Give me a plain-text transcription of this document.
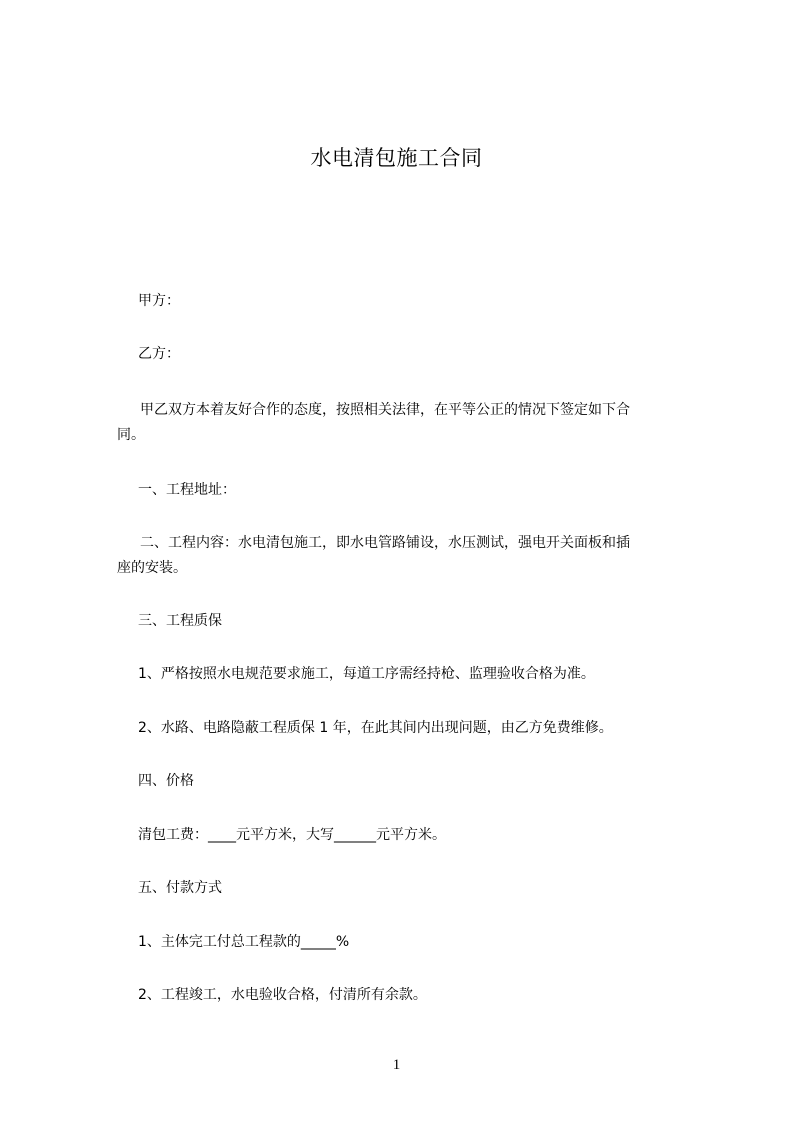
水电清包施工合同
甲方：
乙方：
甲乙双方本着友好合作的态度，按照相关法律，在平等公正的情况下签定如下合
同。
一、工程地址：
二、工程内容：水电清包施工，即水电管路铺设，水压测试，强电开关面板和插
座的安装。
三、工程质保
1、严格按照水电规范要求施工，每道工序需经持枪、监理验收合格为准。
2、水路、电路隐蔽工程质保 1 年，在此其间内出现问题，由乙方免费维修。
四、价格
清包工费：____元平方米，大写______元平方米。
五、付款方式
1、主体完工付总工程款的_____%
2、工程竣工，水电验收合格，付清所有余款。
1
